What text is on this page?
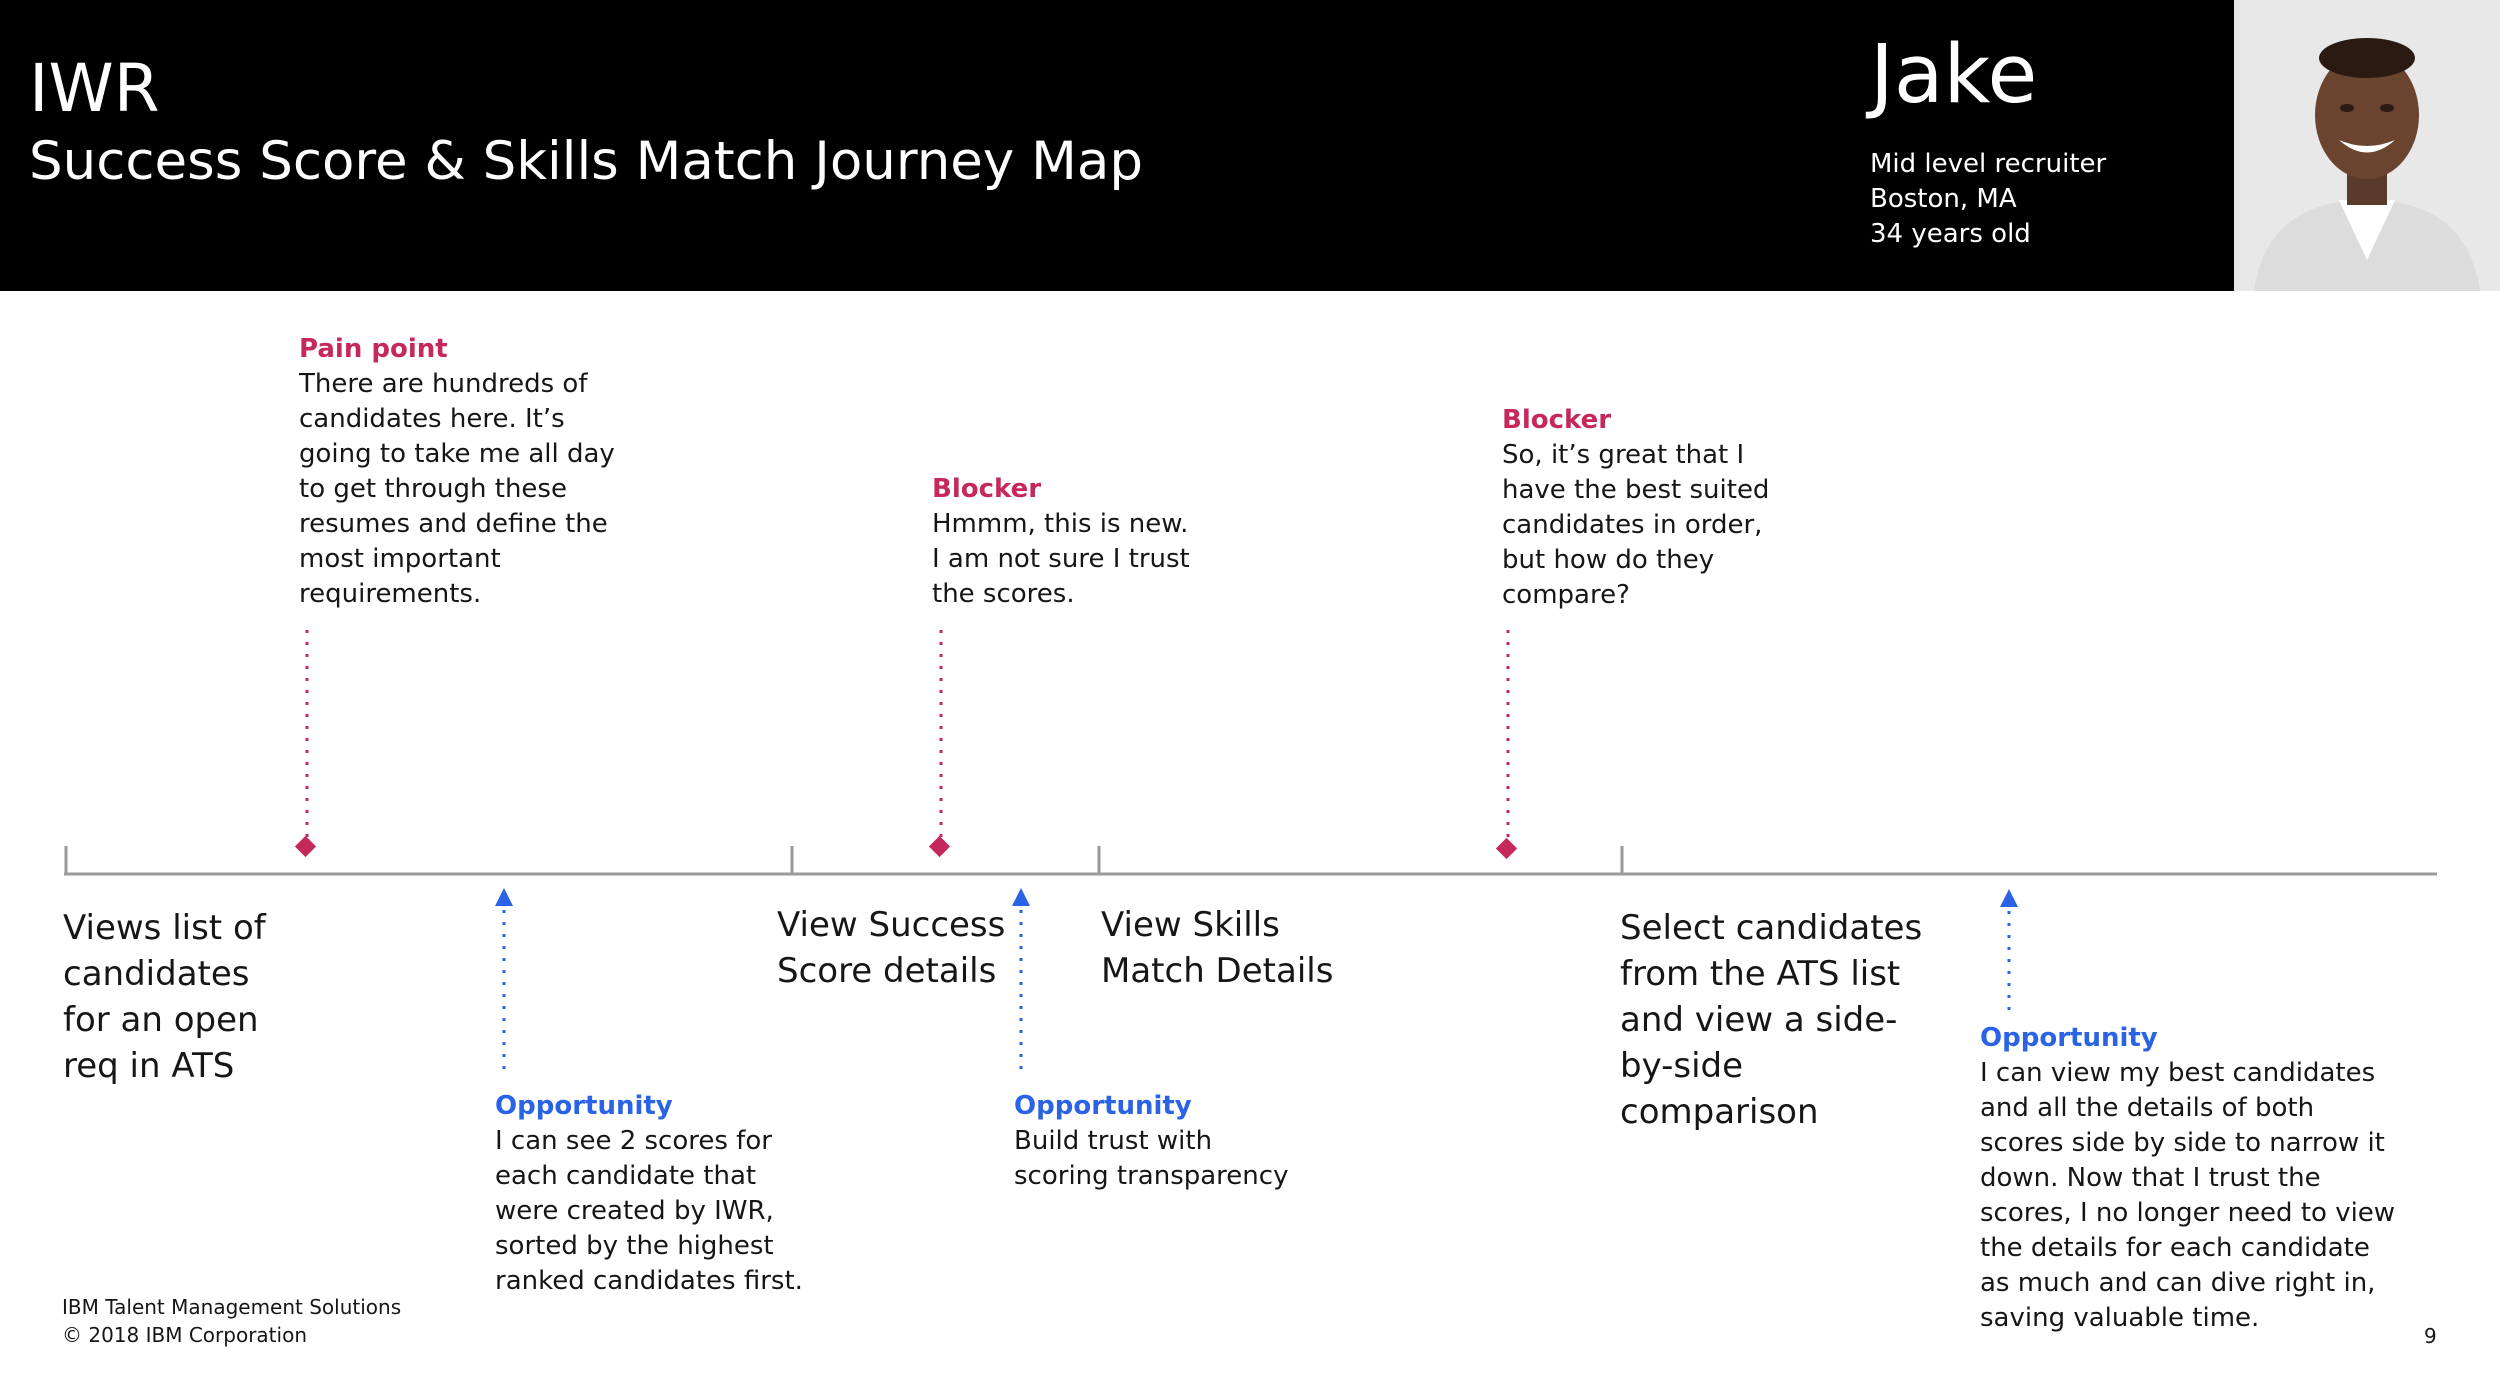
IWR
Success Score & Skills Match Journey Map
Jake
Mid level recruiter
Boston, MA
34 years old
Pain point
There are hundreds of
candidates here. It’s
going to take me all day
to get through these
resumes and define the
most important
requirements.
Blocker
Hmmm, this is new.
I am not sure I trust
the scores.
Blocker
So, it’s great that I
have the best suited
candidates in order,
but how do they
compare?
Views list of
candidates
for an open
req in ATS
View Success
Score details
View Skills
Match Details
Select candidates
from the ATS list
and view a side-
by-side
comparison
Opportunity
I can see 2 scores for
each candidate that
were created by IWR,
sorted by the highest
ranked candidates first.
Opportunity
Build trust with
scoring transparency
Opportunity
I can view my best candidates
and all the details of both
scores side by side to narrow it
down. Now that I trust the
scores, I no longer need to view
the details for each candidate
as much and can dive right in,
saving valuable time.
IBM Talent Management Solutions
© 2018 IBM Corporation	9
